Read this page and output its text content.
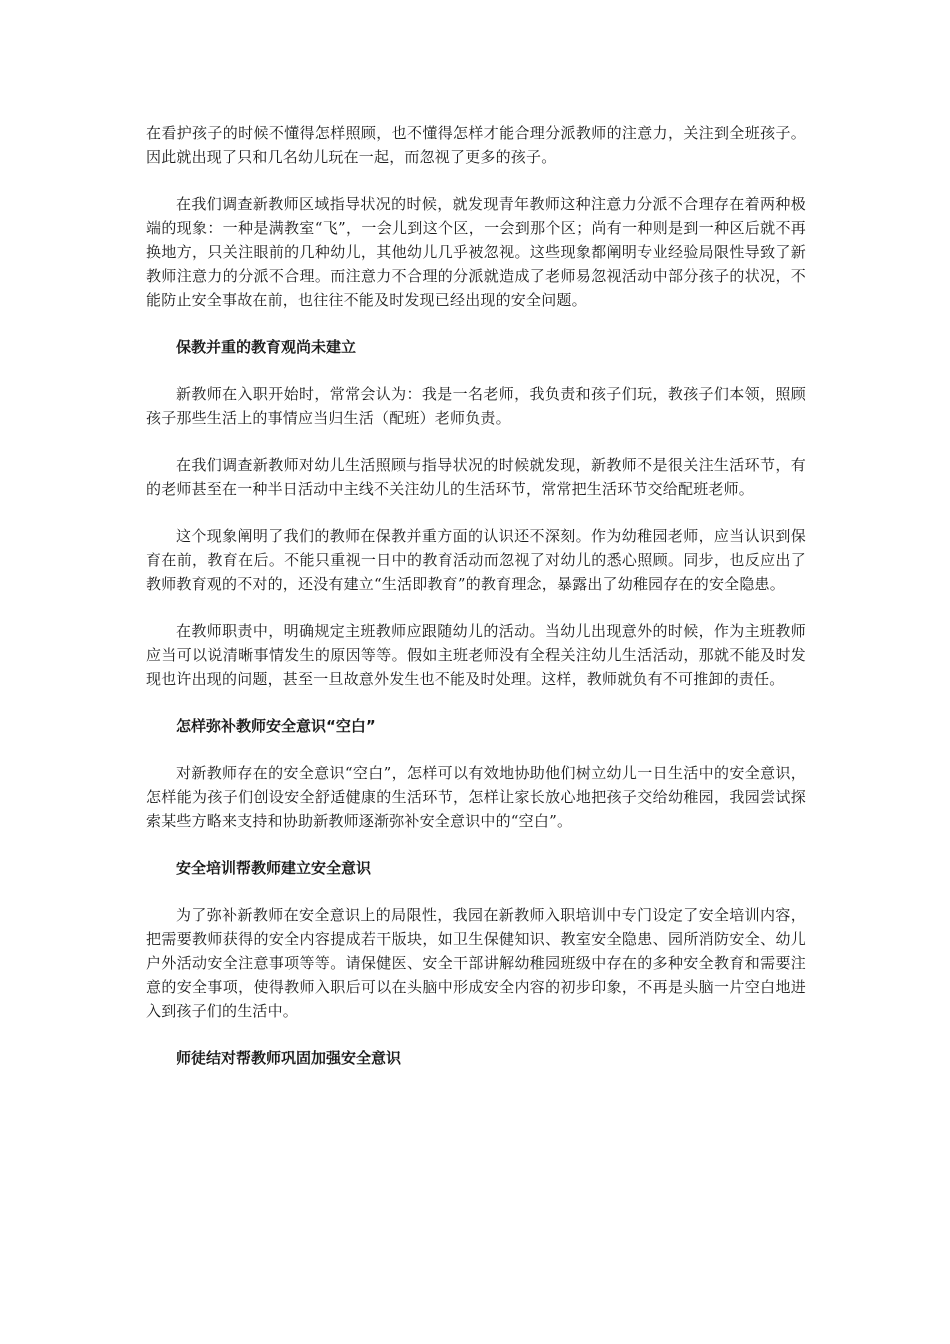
在看护孩子的时候不懂得怎样照顾，也不懂得怎样才能合理分派教师的注意力，关注到全班孩子。因此就出现了只和几名幼儿玩在一起，而忽视了更多的孩子。

在我们调查新教师区域指导状况的时候，就发现青年教师这种注意力分派不合理存在着两种极端的现象：一种是满教室“飞”，一会儿到这个区，一会到那个区；尚有一种则是到一种区后就不再换地方，只关注眼前的几种幼儿，其他幼儿几乎被忽视。这些现象都阐明专业经验局限性导致了新教师注意力的分派不合理。而注意力不合理的分派就造成了老师易忽视活动中部分孩子的状况，不能防止安全事故在前，也往往不能及时发现已经出现的安全问题。

保教并重的教育观尚未建立

新教师在入职开始时，常常会认为：我是一名老师，我负责和孩子们玩，教孩子们本领，照顾孩子那些生活上的事情应当归生活（配班）老师负责。

在我们调查新教师对幼儿生活照顾与指导状况的时候就发现，新教师不是很关注生活环节，有的老师甚至在一种半日活动中主线不关注幼儿的生活环节，常常把生活环节交给配班老师。

这个现象阐明了我们的教师在保教并重方面的认识还不深刻。作为幼稚园老师，应当认识到保育在前，教育在后。不能只重视一日中的教育活动而忽视了对幼儿的悉心照顾。同步，也反应出了教师教育观的不对的，还没有建立“生活即教育”的教育理念，暴露出了幼稚园存在的安全隐患。

在教师职责中，明确规定主班教师应跟随幼儿的活动。当幼儿出现意外的时候，作为主班教师应当可以说清晰事情发生的原因等等。假如主班老师没有全程关注幼儿生活活动，那就不能及时发现也许出现的问题，甚至一旦故意外发生也不能及时处理。这样，教师就负有不可推卸的责任。

怎样弥补教师安全意识“空白”

对新教师存在的安全意识“空白”，怎样可以有效地协助他们树立幼儿一日生活中的安全意识，怎样能为孩子们创设安全舒适健康的生活环节，怎样让家长放心地把孩子交给幼稚园，我园尝试探索某些方略来支持和协助新教师逐渐弥补安全意识中的“空白”。

安全培训帮教师建立安全意识

为了弥补新教师在安全意识上的局限性，我园在新教师入职培训中专门设定了安全培训内容，把需要教师获得的安全内容提成若干版块，如卫生保健知识、教室安全隐患、园所消防安全、幼儿户外活动安全注意事项等等。请保健医、安全干部讲解幼稚园班级中存在的多种安全教育和需要注意的安全事项，使得教师入职后可以在头脑中形成安全内容的初步印象，不再是头脑一片空白地进入到孩子们的生活中。

师徒结对帮教师巩固加强安全意识
